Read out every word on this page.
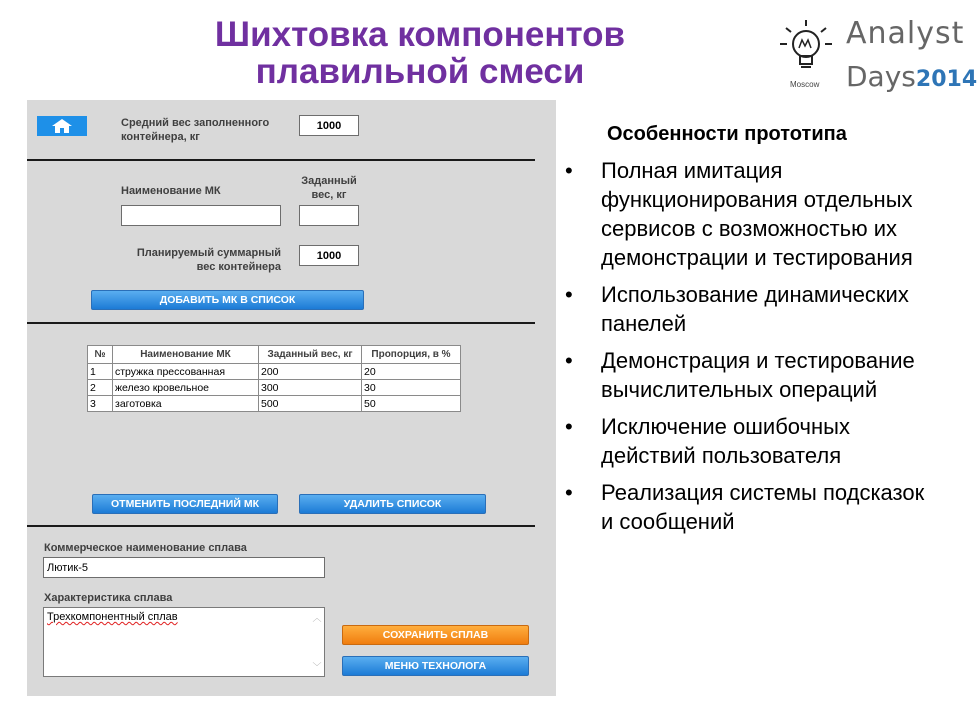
Шихтовка компонентов
плавильной смеси	Moscow
Analyst
Days2014
Средний вес заполненного контейнера, кг
1000
Наименование МК
Заданный вес, кг
Планируемый суммарный вес контейнера
1000
ДОБАВИТЬ МК В СПИСОК
№	Наименование МК	Заданный вес, кг	Пропорция, в %
1	стружка прессованная	200	20
2	железо кровельное	300	30
3	заготовка	500	50
ОТМЕНИТЬ ПОСЛЕДНИЙ МК	УДАЛИТЬ СПИСОК
Коммерческое наименование сплава
Лютик-5
Характеристика сплава
Трехкомпонентный сплав	︿
﹀
СОХРАНИТЬ СПЛАВ
МЕНЮ ТЕХНОЛОГА
Особенности прототипа
• Полная имитация функционирования отдельных сервисов с возможностью их демонстрации и тестирования
• Использование динамических панелей
• Демонстрация и тестирование вычислительных операций
• Исключение ошибочных действий пользователя
• Реализация системы подсказок и сообщений
